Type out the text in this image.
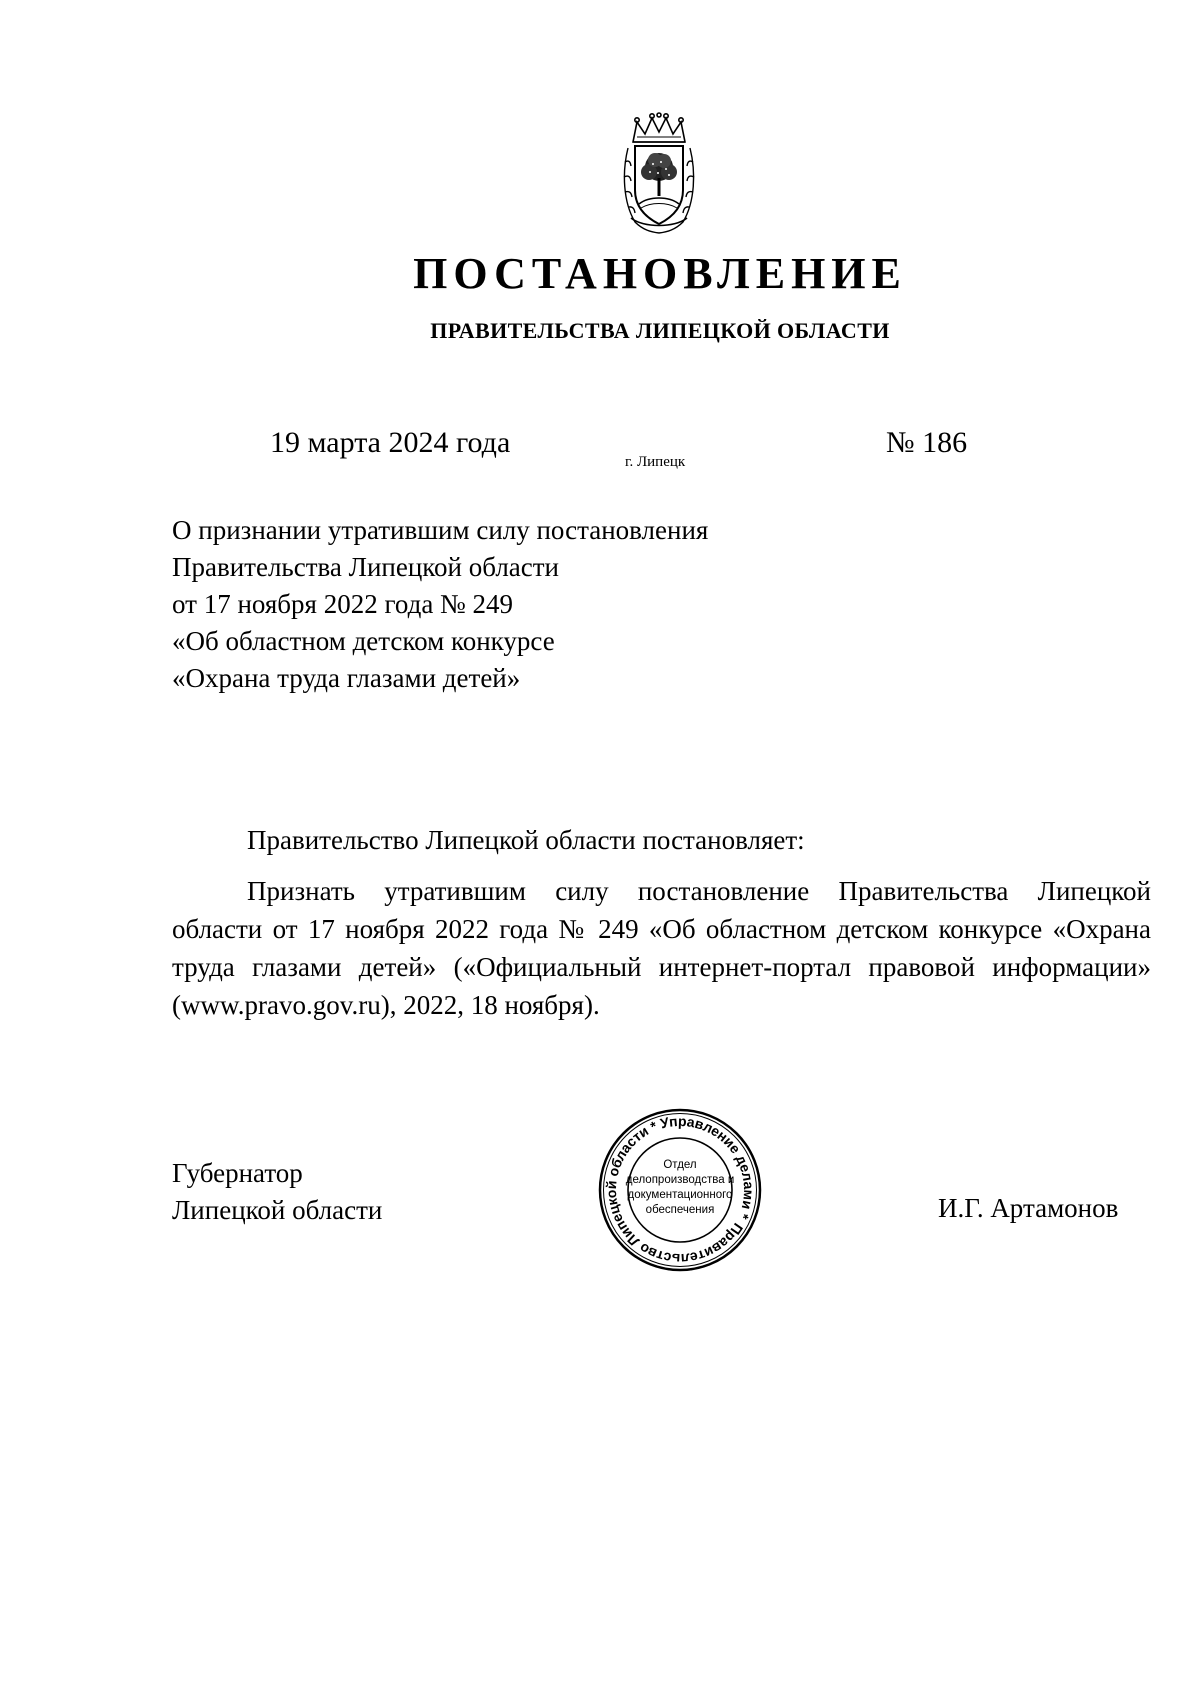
ПОСТАНОВЛЕНИЕ
ПРАВИТЕЛЬСТВА ЛИПЕЦКОЙ ОБЛАСТИ
19 марта 2024 года
г. Липецк
№ 186
О признании утратившим силу постановления
Правительства Липецкой области
от 17 ноября 2022 года № 249
«Об областном детском конкурсе
«Охрана труда глазами детей»
Правительство Липецкой области постановляет:
Признать утратившим силу постановление Правительства Липецкой
области от 17 ноября 2022 года № 249 «Об областном детском конкурсе «Охрана
труда глазами детей» («Официальный интернет-портал правовой информации»
(www.pravo.gov.ru), 2022, 18 ноября).
Губернатор
Липецкой области	И.Г. Артамонов
Правительство Липецкой области * Управление делами *
Отдел
делопроизводства и
документационного
обеспечения
